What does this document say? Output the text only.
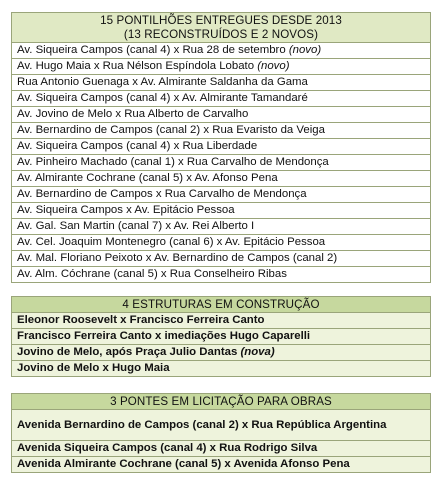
15 PONTILHÕES ENTREGUES DESDE 2013
(13 RECONSTRUÍDOS E 2 NOVOS)

Av. Siqueira Campos (canal 4) x Rua 28 de setembro (novo)
Av. Hugo Maia x Rua Nélson Espíndola Lobato (novo)
Rua Antonio Guenaga x Av. Almirante Saldanha da Gama
Av. Siqueira Campos (canal 4) x Av. Almirante Tamandaré
Av. Jovino de Melo x Rua Alberto de Carvalho
Av. Bernardino de Campos (canal 2) x Rua Evaristo da Veiga
Av. Siqueira Campos (canal 4) x Rua Liberdade
Av. Pinheiro Machado (canal 1) x Rua Carvalho de Mendonça
Av. Almirante Cochrane (canal 5) x Av. Afonso Pena
Av. Bernardino de Campos x Rua Carvalho de Mendonça
Av. Siqueira Campos x Av. Epitácio Pessoa
Av. Gal. San Martin (canal 7) x Av. Rei Alberto I
Av. Cel. Joaquim Montenegro (canal 6) x Av. Epitácio Pessoa
Av. Mal. Floriano Peixoto x Av. Bernardino de Campos (canal 2)
Av. Alm. Cóchrane (canal 5) x Rua Conselheiro Ribas
4 ESTRUTURAS EM CONSTRUÇÃO
Eleonor Roosevelt x Francisco Ferreira Canto
Francisco Ferreira Canto x imediações Hugo Caparelli
Jovino de Melo, após Praça Julio Dantas (nova)
Jovino de Melo x Hugo Maia
3 PONTES EM LICITAÇÃO PARA OBRAS
Avenida Bernardino de Campos (canal 2) x Rua República Argentina
Avenida Siqueira Campos (canal 4) x Rua Rodrigo Silva
Avenida Almirante Cochrane (canal 5) x Avenida Afonso Pena
